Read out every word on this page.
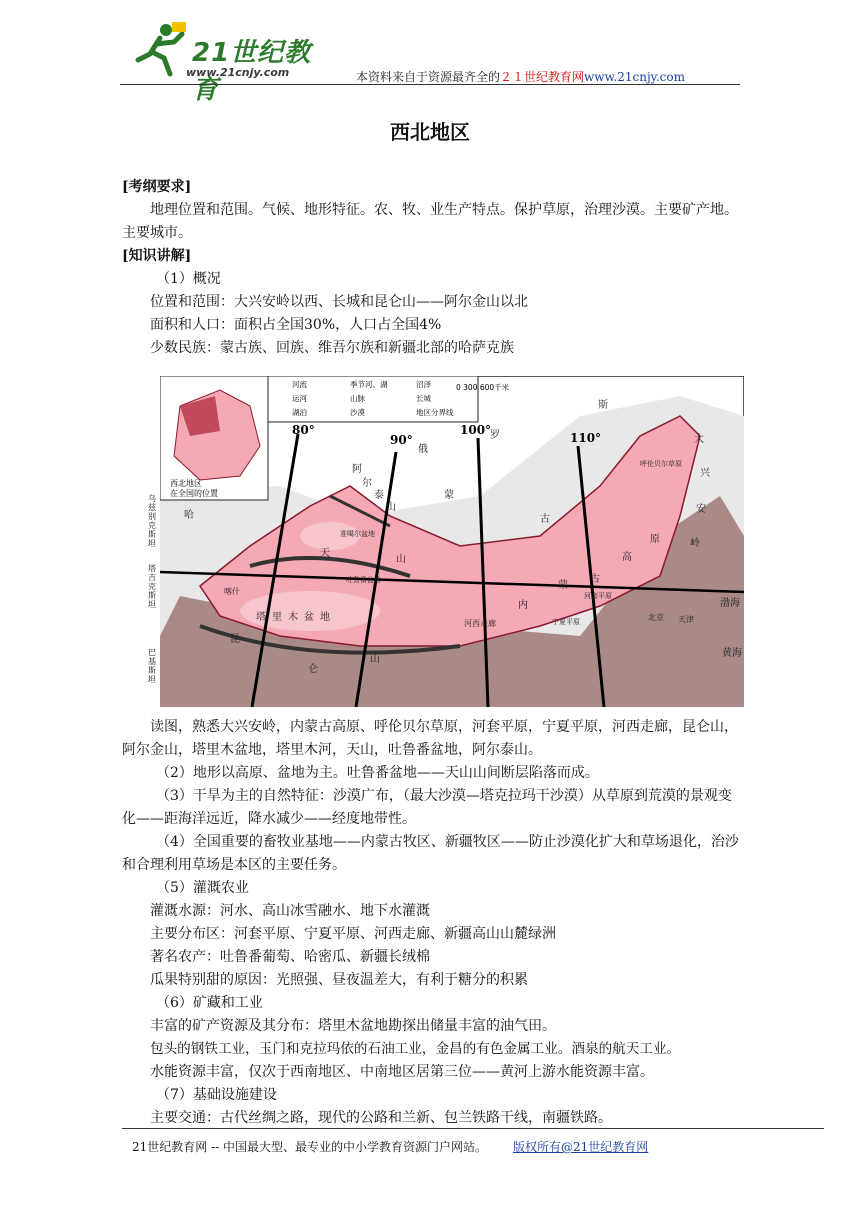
21世纪教育
www.21cnjy.com	本资料来自于资源最齐全的２１世纪教育网www.21cnjy.com
西北地区

[考纲要求]

地理位置和范围。气候、地形特征。农、牧、业生产特点。保护草原，治理沙漠。主要矿产地。主要城市。

[知识讲解]

（1）概况

位置和范围：大兴安岭以西、长城和昆仑山——阿尔金山以北

面积和人口：面积占全国30%，人口占全国4%

少数民族：蒙古族、回族、维吾尔族和新疆北部的哈萨克族

西北地区
在全国的位置
河流	季节河、湖	沼泽
运河	山脉	长城
湖泊	沙漠	地区分界线
0 300 600千米
80°
90°
100°
110°
俄
罗
斯
蒙
古
哈
阿
尔
泰
山
天
山
准噶尔盆地
吐鲁番盆地
塔 里 木 盆 地
昆
仑
山
内
蒙
古
高
原
大
兴
安
岭
呼伦贝尔草原
宁夏平原
河套平原
河西走廊
北京 天津
渤海
黄海
喀什
乌兹别克斯坦
塔吉克斯坦
巴基斯坦

读图，熟悉大兴安岭，内蒙古高原、呼伦贝尔草原，河套平原，宁夏平原，河西走廊，昆仑山，阿尔金山，塔里木盆地，塔里木河，天山，吐鲁番盆地，阿尔泰山。

（2）地形以高原、盆地为主。吐鲁番盆地——天山山间断层陷落而成。

（3）干旱为主的自然特征：沙漠广布，（最大沙漠—塔克拉玛干沙漠）从草原到荒漠的景观变化——距海洋远近，降水减少——经度地带性。

（4）全国重要的畜牧业基地——内蒙古牧区、新疆牧区——防止沙漠化扩大和草场退化，治沙和合理利用草场是本区的主要任务。

（5）灌溉农业

灌溉水源：河水、高山冰雪融水、地下水灌溉

主要分布区：河套平原、宁夏平原、河西走廊、新疆高山山麓绿洲

著名农产：吐鲁番葡萄、哈密瓜、新疆长绒棉

瓜果特别甜的原因：光照强、昼夜温差大，有利于糖分的积累

（6）矿藏和工业

丰富的矿产资源及其分布：塔里木盆地勘探出储量丰富的油气田。

包头的钢铁工业，玉门和克拉玛依的石油工业，金昌的有色金属工业。酒泉的航天工业。

水能资源丰富，仅次于西南地区、中南地区居第三位——黄河上游水能资源丰富。

（7）基础设施建设

主要交通：古代丝绸之路，现代的公路和兰新、包兰铁路干线，南疆铁路。

21世纪教育网 -- 中国最大型、最专业的中小学教育资源门户网站。 版权所有@21世纪教育网
